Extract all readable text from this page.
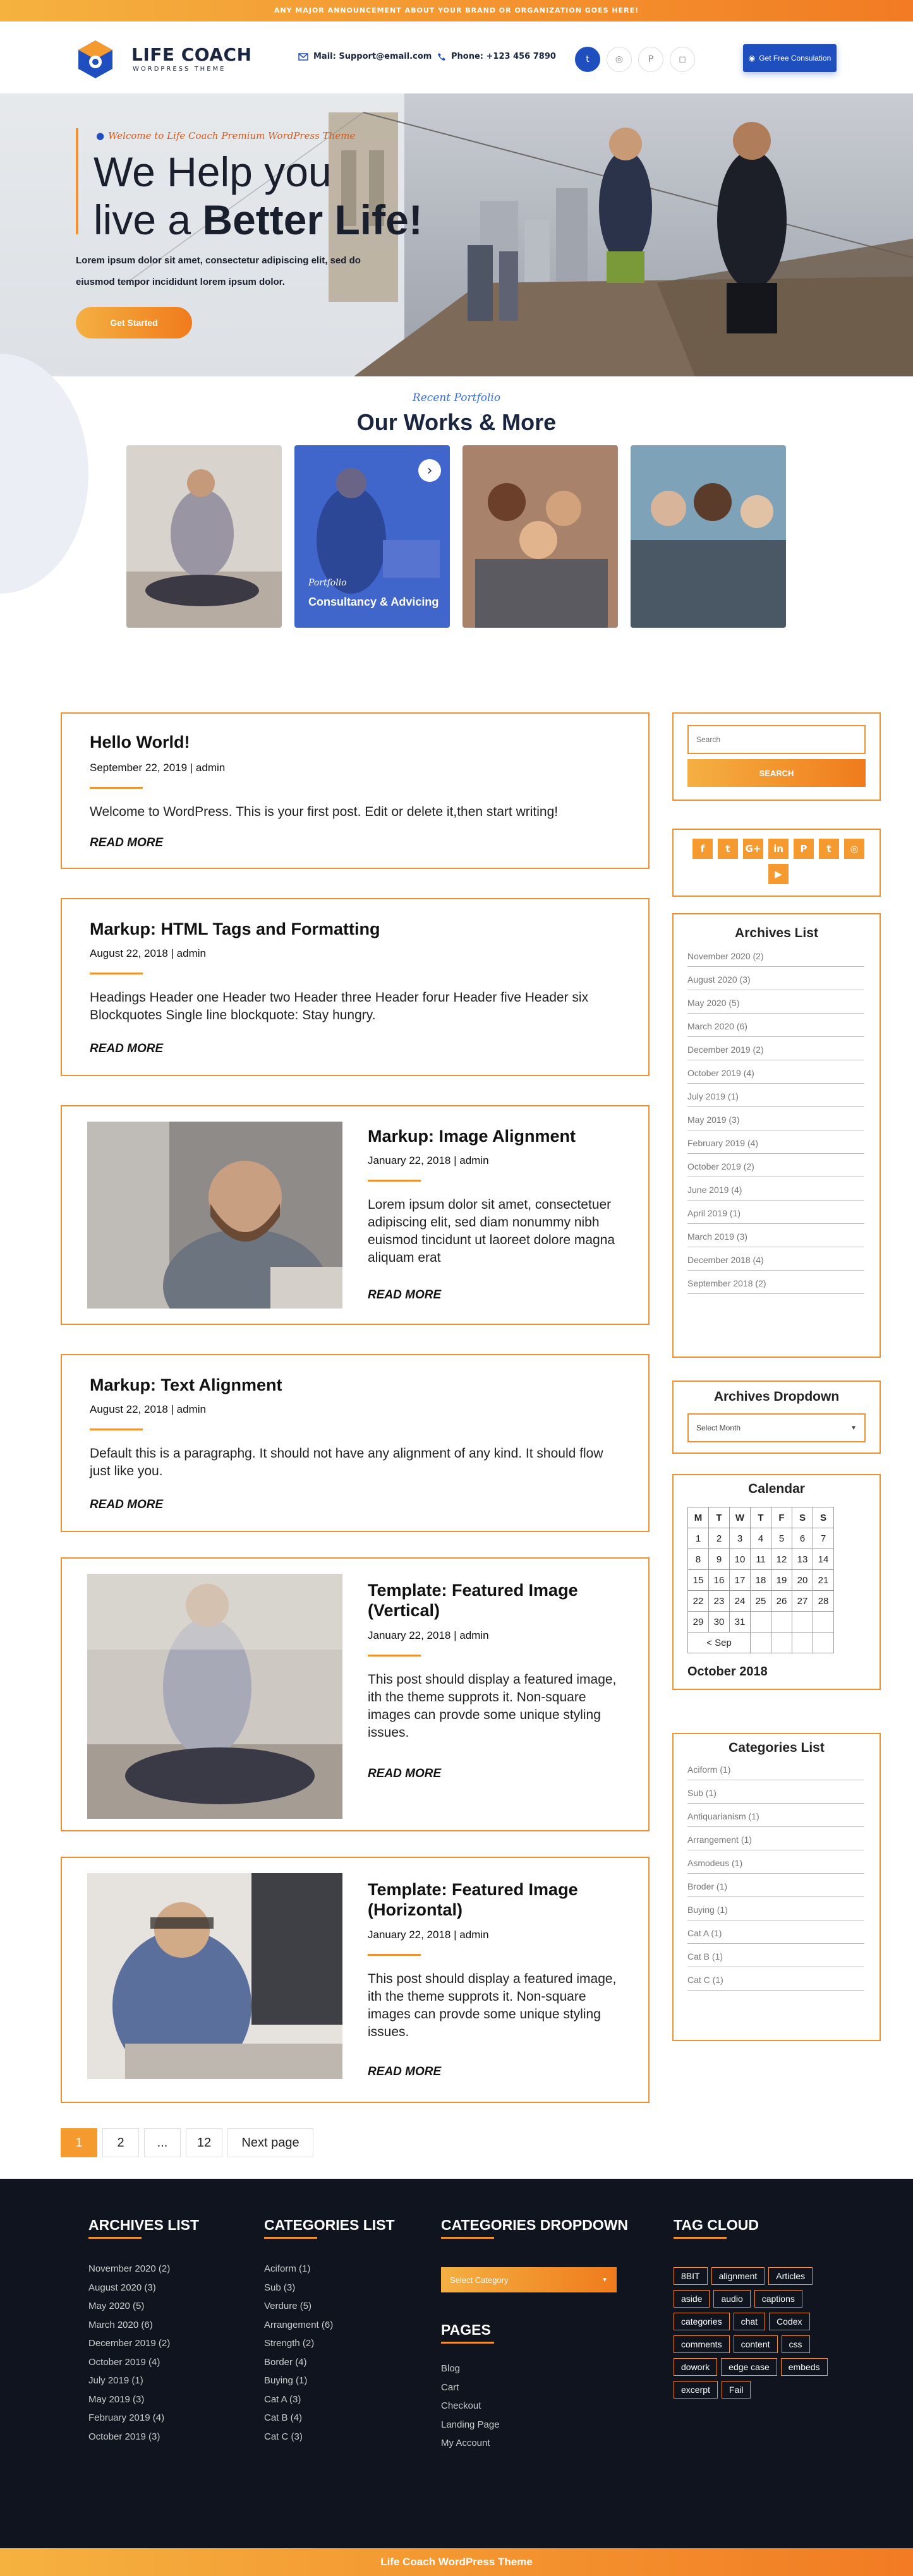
ANY MAJOR ANNOUNCEMENT ABOUT YOUR BRAND OR ORGANIZATION GOES HERE!
LIFE COACH
WORDPRESS THEME
Mail: Support@email.com Phone: +123 456 7890	t	◎	P	◻	◉ Get Free Consulation
● Welcome to Life Coach Premium WordPress Theme
We Help you
live a Better Life!
Lorem ipsum dolor sit amet, consectetur adipiscing elit, sed do
eiusmod tempor incididunt lorem ipsum dolor.
Get Started
Recent Portfolio
Our Works & More
›
Portfolio
Consultancy & Advicing
Hello World!
September 22, 2019 | admin
Welcome to WordPress. This is your first post. Edit or delete it,then start writing!
READ MORE
Markup: HTML Tags and Formatting
August 22, 2018 | admin
Headings Header one Header two Header three Header forur Header five Header six Blockquotes Single line blockquote: Stay hungry.
READ MORE
Markup: Image Alignment
January 22, 2018 | admin
Lorem ipsum dolor sit amet, consectetuer adipiscing elit, sed diam nonummy nibh euismod tincidunt ut laoreet dolore magna aliquam erat
READ MORE
Markup: Text Alignment
August 22, 2018 | admin
Default this is a paragraphg. It should not have any alignment of any kind. It should flow just like you.
READ MORE
Template: Featured Image (Vertical)
January 22, 2018 | admin
This post should display a featured image, ith the theme supprots it. Non-square images can provde some unique styling issues.
READ MORE
Template: Featured Image (Horizontal)
January 22, 2018 | admin
This post should display a featured image, ith the theme supprots it. Non-square images can provde some unique styling issues.
READ MORE
1	2	...	12	Next page
Search
SEARCH
f	t	G+	in	P	t	◎
▶
Archives List
November 2020 (2)
August 2020 (3)
May 2020 (5)
March 2020 (6)
December 2019 (2)
October 2019 (4)
July 2019 (1)
May 2019 (3)
February 2019 (4)
October 2019 (2)
June 2019 (4)
April 2019 (1)
March 2019 (3)
December 2018 (4)
September 2018 (2)
Archives Dropdown
Select Month	▼
Calendar
M	T	W	T	F	S	S
1	2	3	4	5	6	7
8	9	10	11	12	13	14
15	16	17	18	19	20	21
22	23	24	25	26	27	28
29	30	31				
< Sep						
October 2018
Categories List
Aciform (1)
Sub (1)
Antiquarianism (1)
Arrangement (1)
Asmodeus (1)
Broder (1)
Buying (1)
Cat A (1)
Cat B (1)
Cat C (1)
ARCHIVES LIST
November 2020 (2)
August 2020 (3)
May 2020 (5)
March 2020 (6)
December 2019 (2)
October 2019 (4)
July 2019 (1)
May 2019 (3)
February 2019 (4)
October 2019 (3)
CATEGORIES LIST
Aciform (1)
Sub (3)
Verdure (5)
Arrangement (6)
Strength (2)
Border (4)
Buying (1)
Cat A (3)
Cat B (4)
Cat C (3)
CATEGORIES DROPDOWN
Select Category	▼
PAGES
Blog
Cart
Checkout
Landing Page
My Account
TAG CLOUD
8BIT alignment Articlesaside audio captionscategories chat Codexcomments content cssdowork edge case embedsexcerpt Fail
Life Coach WordPress Theme
